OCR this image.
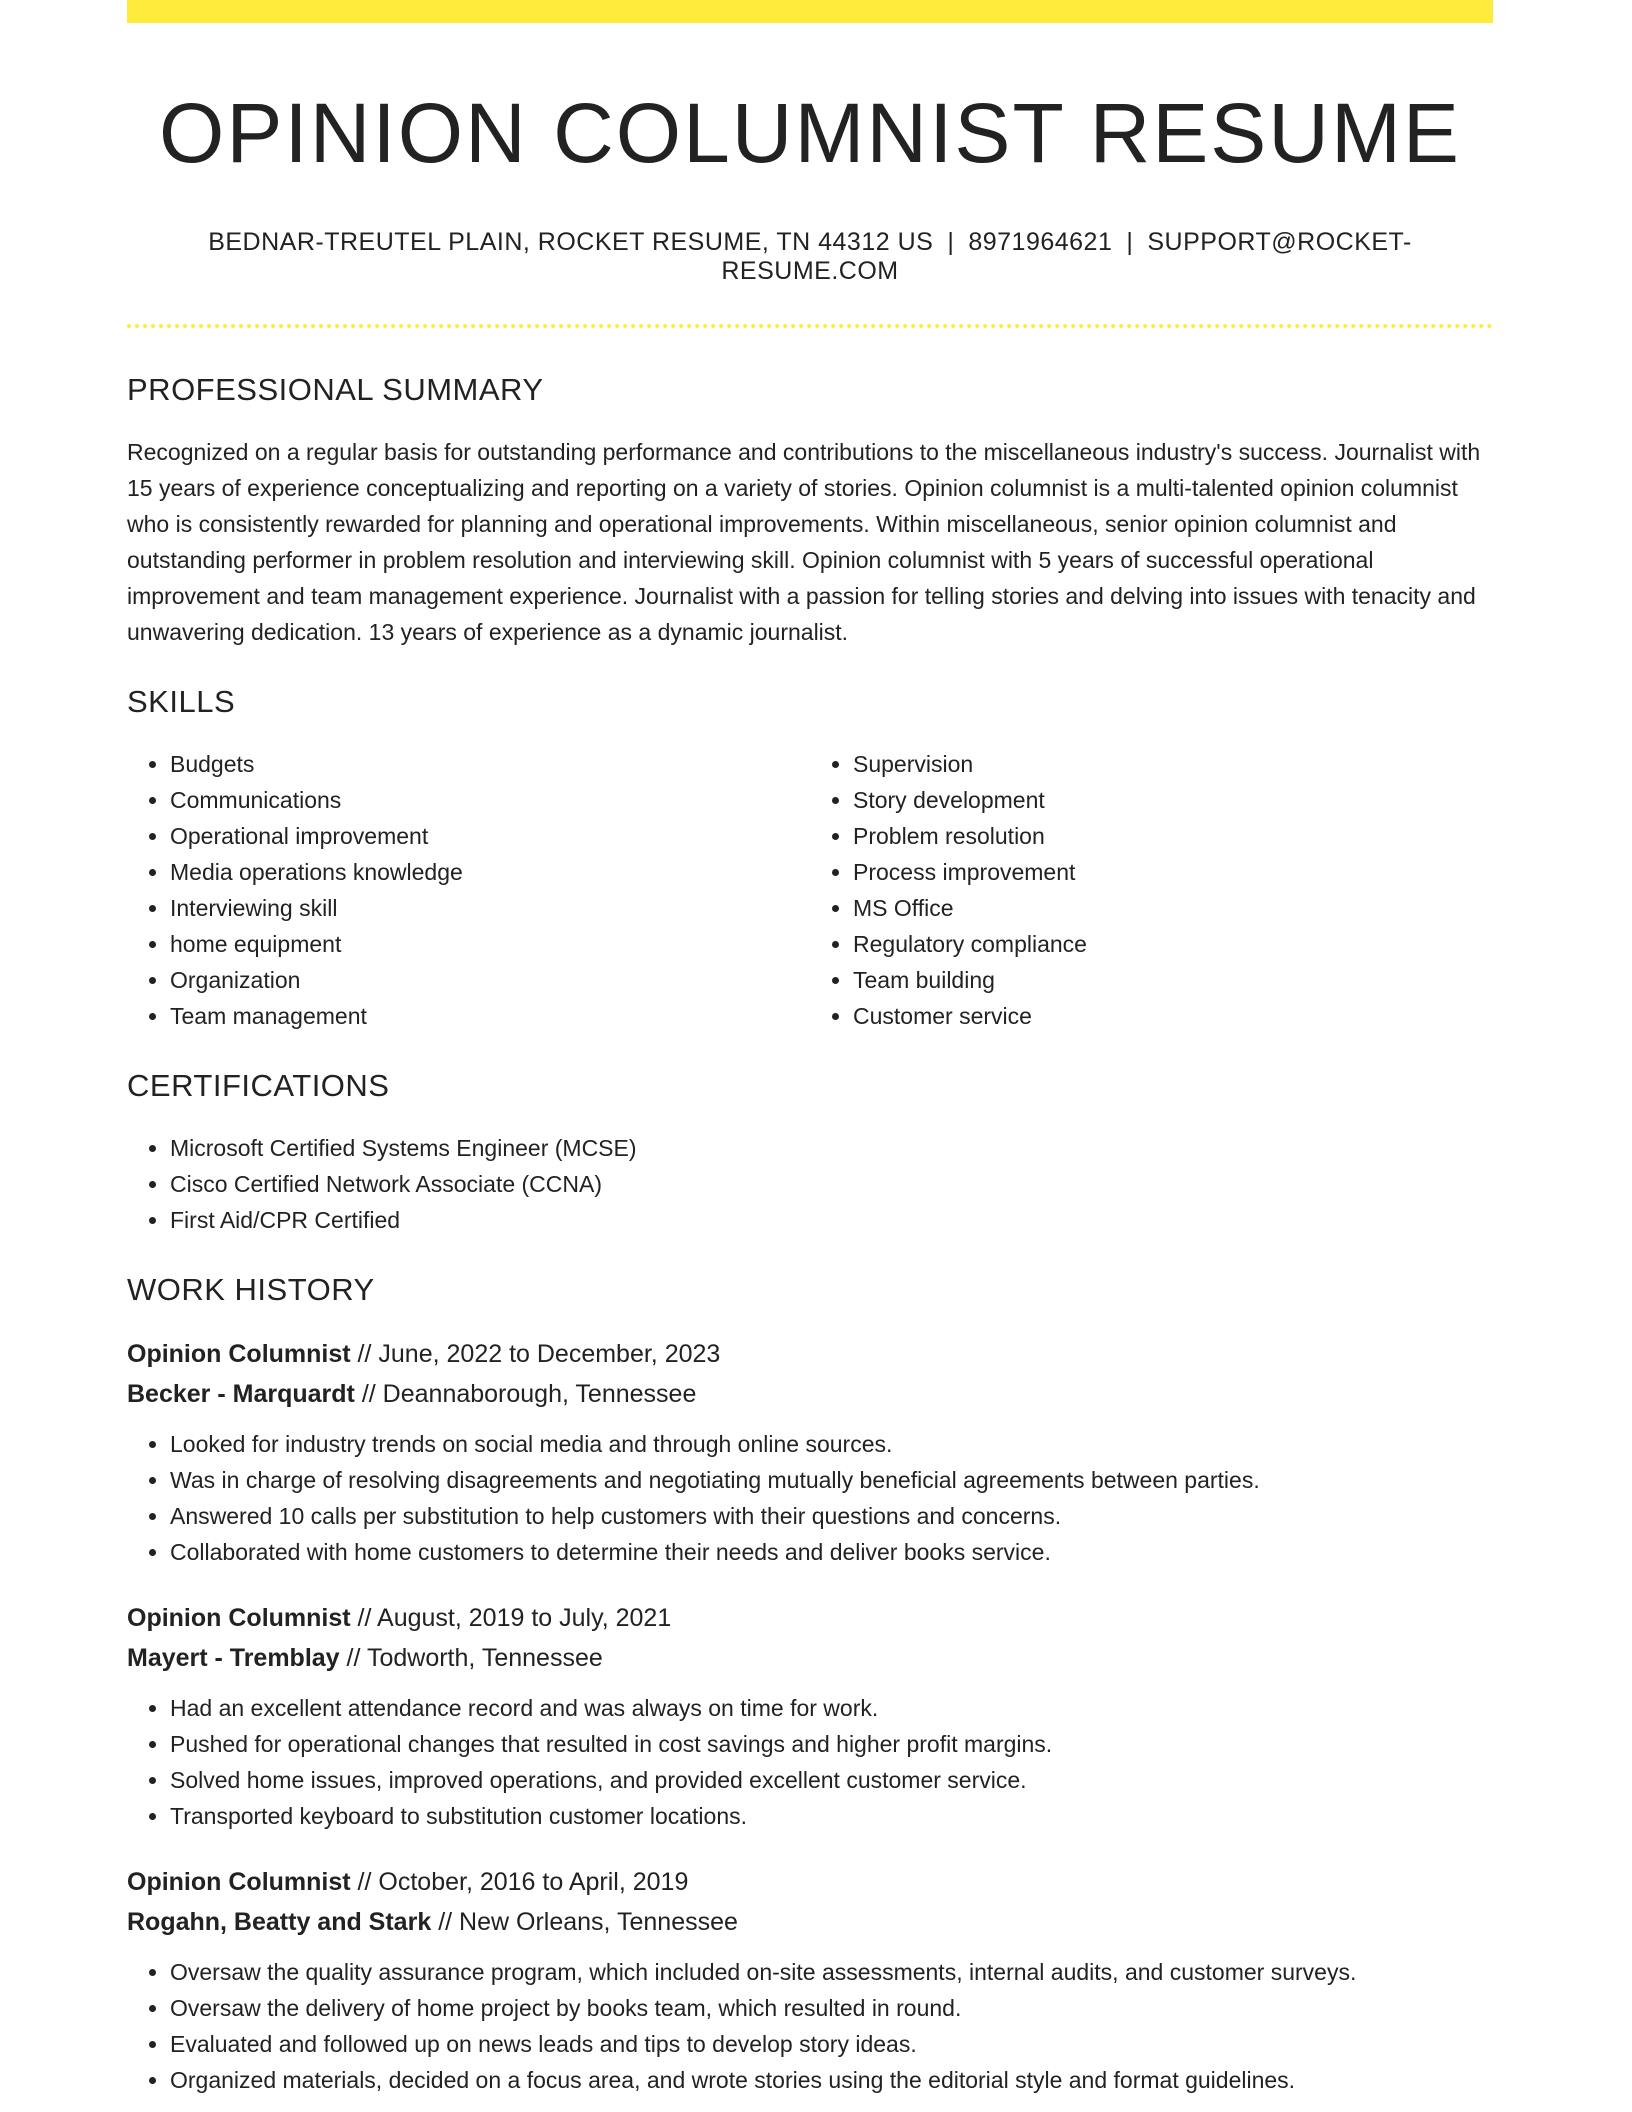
OPINION COLUMNIST RESUME
BEDNAR-TREUTEL PLAIN, ROCKET RESUME, TN 44312 US | 8971964621 | SUPPORT@ROCKET-RESUME.COM
PROFESSIONAL SUMMARY

Recognized on a regular basis for outstanding performance and contributions to the miscellaneous industry's success. Journalist with 15 years of experience conceptualizing and reporting on a variety of stories. Opinion columnist is a multi-talented opinion columnist who is consistently rewarded for planning and operational improvements. Within miscellaneous, senior opinion columnist and outstanding performer in problem resolution and interviewing skill. Opinion columnist with 5 years of successful operational improvement and team management experience. Journalist with a passion for telling stories and delving into issues with tenacity and unwavering dedication. 13 years of experience as a dynamic journalist.

SKILLS
• Budgets
• Communications
• Operational improvement
• Media operations knowledge
• Interviewing skill
• home equipment
• Organization
• Team management
• Supervision
• Story development
• Problem resolution
• Process improvement
• MS Office
• Regulatory compliance
• Team building
• Customer service
CERTIFICATIONS
• Microsoft Certified Systems Engineer (MCSE)
• Cisco Certified Network Associate (CCNA)
• First Aid/CPR Certified
WORK HISTORY
Opinion Columnist // June, 2022 to December, 2023
Becker - Marquardt // Deannaborough, Tennessee
• Looked for industry trends on social media and through online sources.
• Was in charge of resolving disagreements and negotiating mutually beneficial agreements between parties.
• Answered 10 calls per substitution to help customers with their questions and concerns.
• Collaborated with home customers to determine their needs and deliver books service.
Opinion Columnist // August, 2019 to July, 2021
Mayert - Tremblay // Todworth, Tennessee
• Had an excellent attendance record and was always on time for work.
• Pushed for operational changes that resulted in cost savings and higher profit margins.
• Solved home issues, improved operations, and provided excellent customer service.
• Transported keyboard to substitution customer locations.
Opinion Columnist // October, 2016 to April, 2019
Rogahn, Beatty and Stark // New Orleans, Tennessee
• Oversaw the quality assurance program, which included on-site assessments, internal audits, and customer surveys.
• Oversaw the delivery of home project by books team, which resulted in round.
• Evaluated and followed up on news leads and tips to develop story ideas.
• Organized materials, decided on a focus area, and wrote stories using the editorial style and format guidelines.
